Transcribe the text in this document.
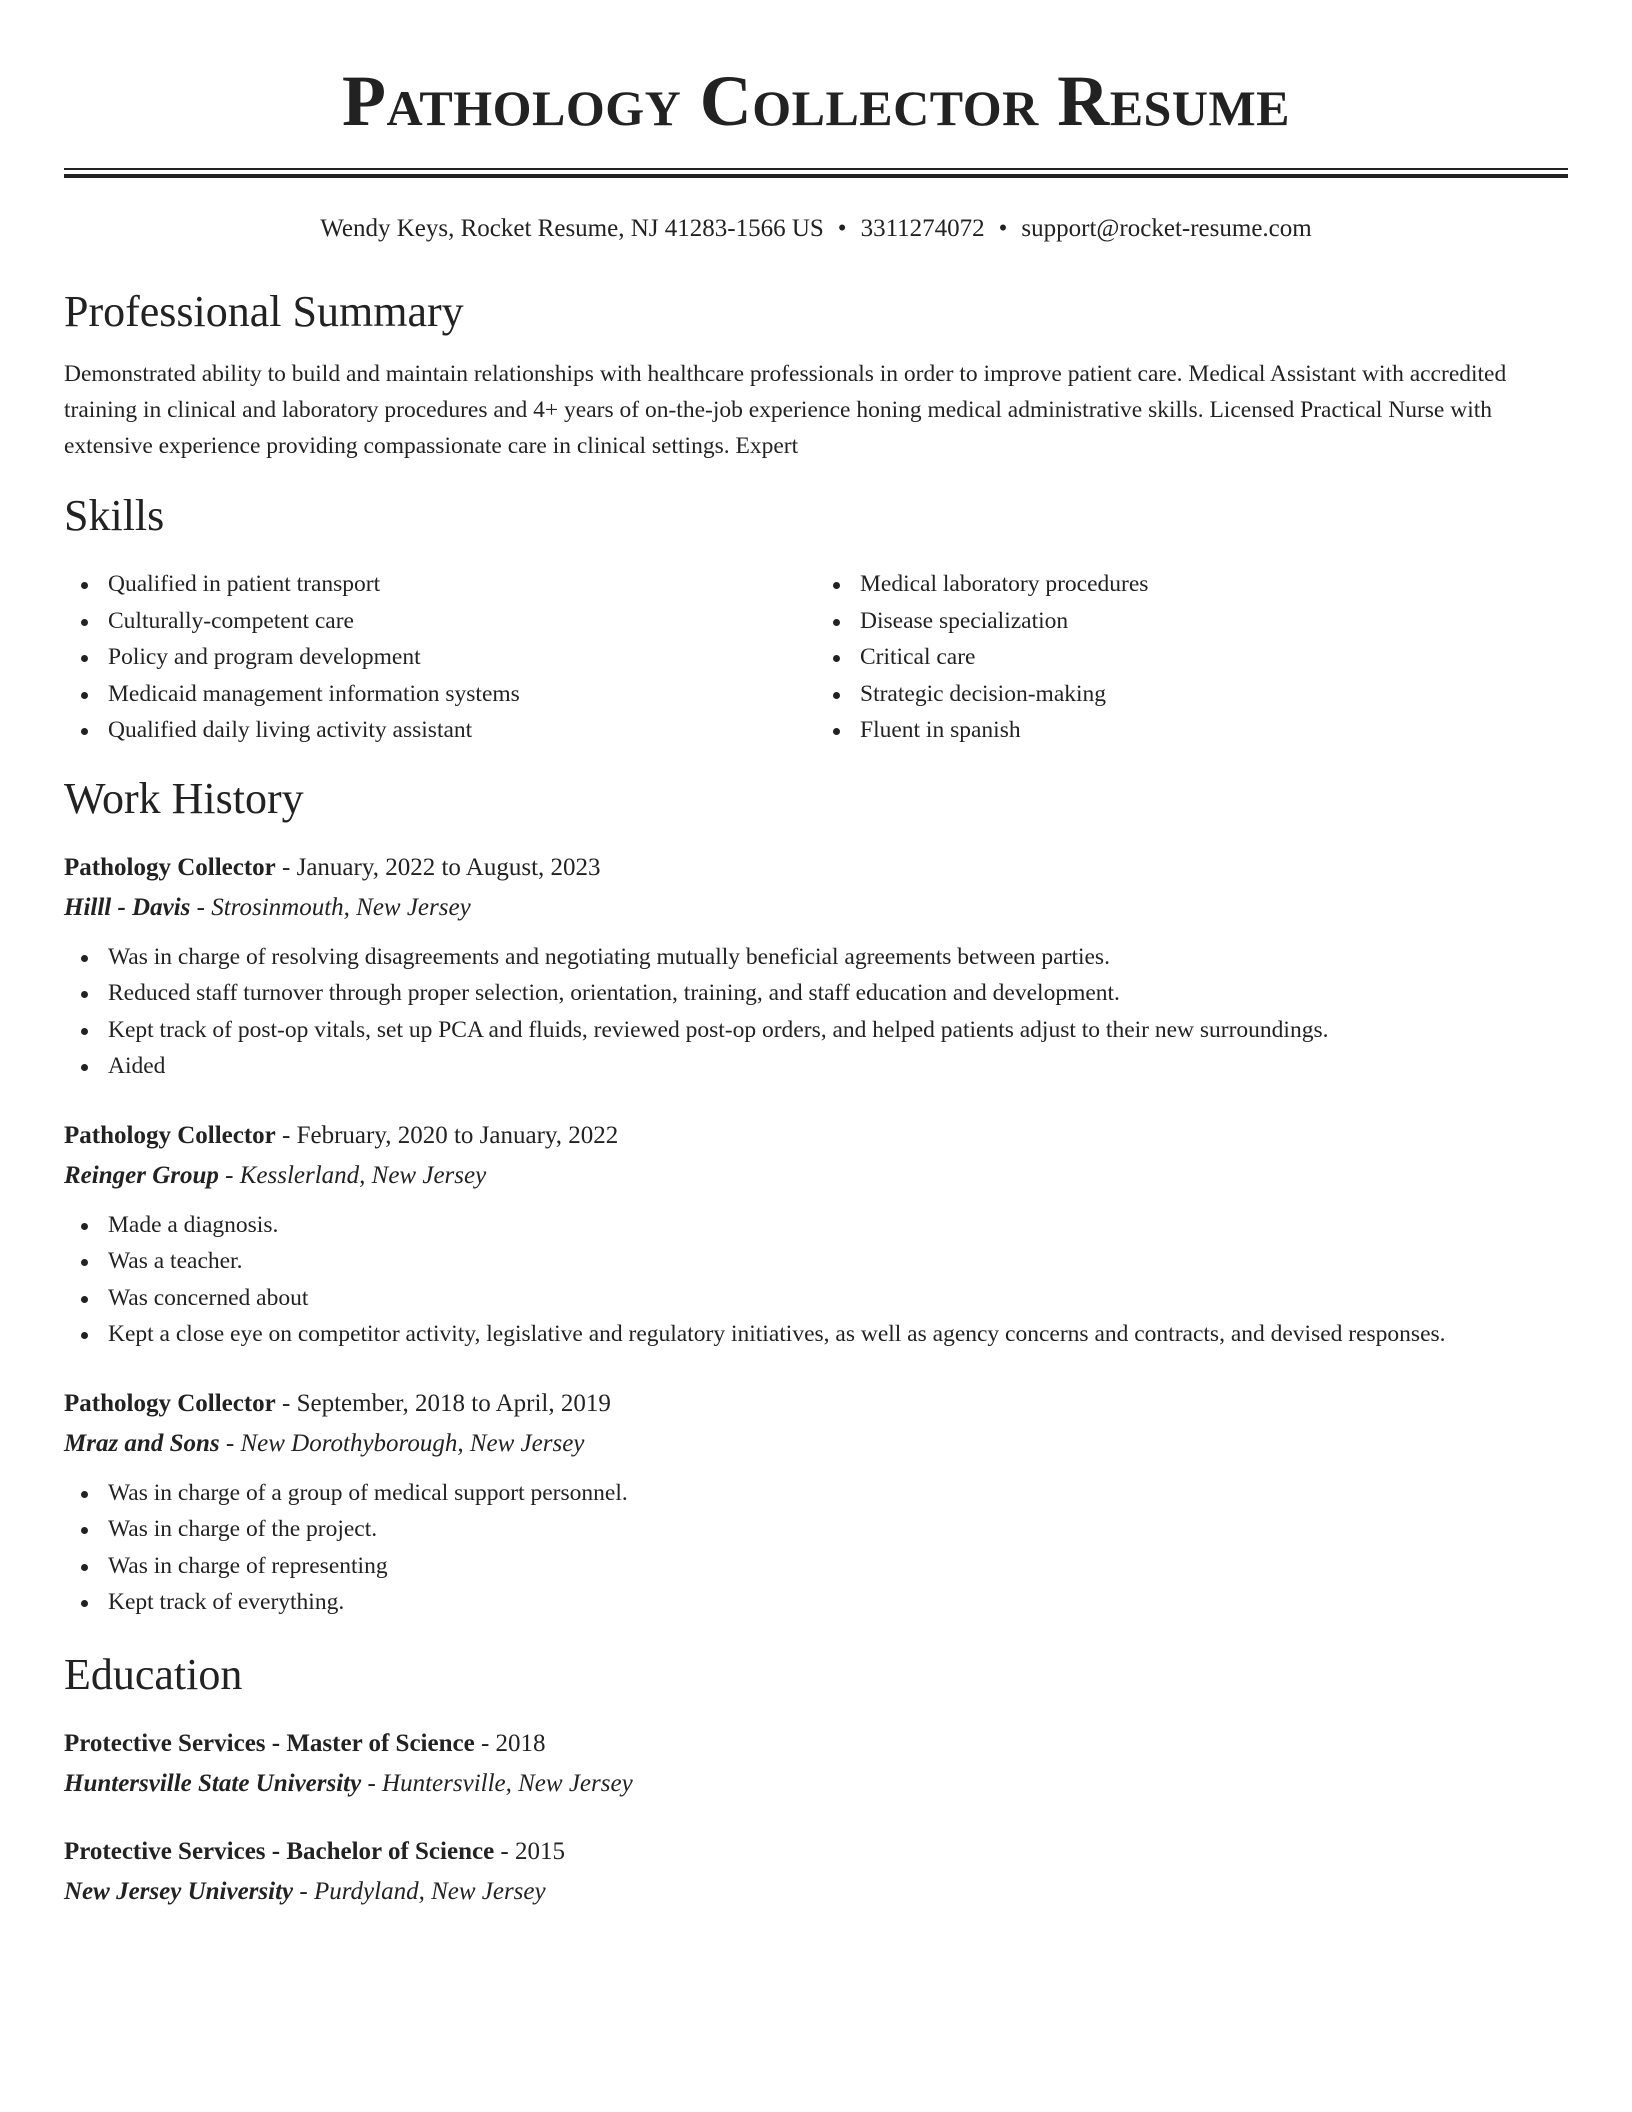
Pathology Collector Resume
Wendy Keys, Rocket Resume, NJ 41283-1566 US • 3311274072 • support@rocket-resume.com
Professional Summary

Demonstrated ability to build and maintain relationships with healthcare professionals in order to improve patient care. Medical Assistant with accredited training in clinical and laboratory procedures and 4+ years of on-the-job experience honing medical administrative skills. Licensed Practical Nurse with extensive experience providing compassionate care in clinical settings. Expert

Skills
Qualified in patient transport
Culturally-competent care
Policy and program development
Medicaid management information systems
Qualified daily living activity assistant
Medical laboratory procedures
Disease specialization
Critical care
Strategic decision-making
Fluent in spanish
Work History
Pathology Collector - January, 2022 to August, 2023
Hilll - Davis - Strosinmouth, New Jersey
Was in charge of resolving disagreements and negotiating mutually beneficial agreements between parties.
Reduced staff turnover through proper selection, orientation, training, and staff education and development.
Kept track of post-op vitals, set up PCA and fluids, reviewed post-op orders, and helped patients adjust to their new surroundings.
Aided
Pathology Collector - February, 2020 to January, 2022
Reinger Group - Kesslerland, New Jersey
Made a diagnosis.
Was a teacher.
Was concerned about
Kept a close eye on competitor activity, legislative and regulatory initiatives, as well as agency concerns and contracts, and devised responses.
Pathology Collector - September, 2018 to April, 2019
Mraz and Sons - New Dorothyborough, New Jersey
Was in charge of a group of medical support personnel.
Was in charge of the project.
Was in charge of representing
Kept track of everything.
Education
Protective Services - Master of Science - 2018
Huntersville State University - Huntersville, New Jersey
Protective Services - Bachelor of Science - 2015
New Jersey University - Purdyland, New Jersey
